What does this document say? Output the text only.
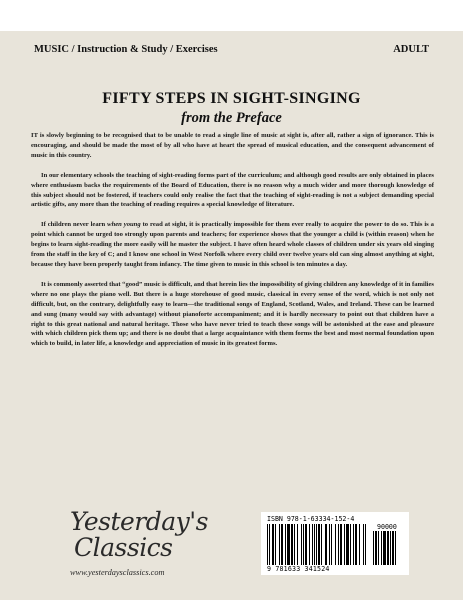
MUSIC / Instruction & Study / Exercises	ADULT
FIFTY STEPS IN SIGHT-SINGING
from the Preface

IT is slowly beginning to be recognised that to be unable to read a single line of music at sight is, after all, rather a sign of ignorance. This is encouraging, and should be made the most of by all who have at heart the spread of musical education, and the consequent advancement of music in this country.

In our elementary schools the teaching of sight-reading forms part of the curriculum; and although good results are only obtained in places where enthusiasm backs the requirements of the Board of Education, there is no reason why a much wider and more thorough knowledge of this subject should not be fostered, if teachers could only realise the fact that the teaching of sight-reading is not a subject demanding special artistic gifts, any more than the teaching of reading requires a special knowledge of literature.

If children never learn when young to read at sight, it is practically impossible for them ever really to acquire the power to do so. This is a point which cannot be urged too strongly upon parents and teachers; for experience shows that the younger a child is (within reason) when he begins to learn sight-reading the more easily will he master the subject. I have often heard whole classes of children under six years old singing from the staff in the key of C; and I know one school in West Norfolk where every child over twelve years old can sing almost anything at sight, because they have been properly taught from infancy. The time given to music in this school is ten minutes a day.

It is commonly asserted that “good” music is difficult, and that herein lies the impossibility of giving children any knowledge of it in families where no one plays the piano well. But there is a huge storehouse of good music, classical in every sense of the word, which is not only not difficult, but, on the contrary, delightfully easy to learn—the traditional songs of England, Scotland, Wales, and Ireland. These can be learned and sung (many would say with advantage) without pianoforte accompaniment; and it is hardly necessary to point out that children have a right to this great national and natural heritage. Those who have never tried to teach these songs will be astonished at the ease and pleasure with which children pick them up; and there is no doubt that a large acquaintance with them forms the best and most normal foundation upon which to build, in later life, a knowledge and appreciation of music in its greatest forms.

Yesterday's
Classics
www.yesterdaysclassics.com
ISBN 978-1-63334-152-4
90000
9 781633 341524
